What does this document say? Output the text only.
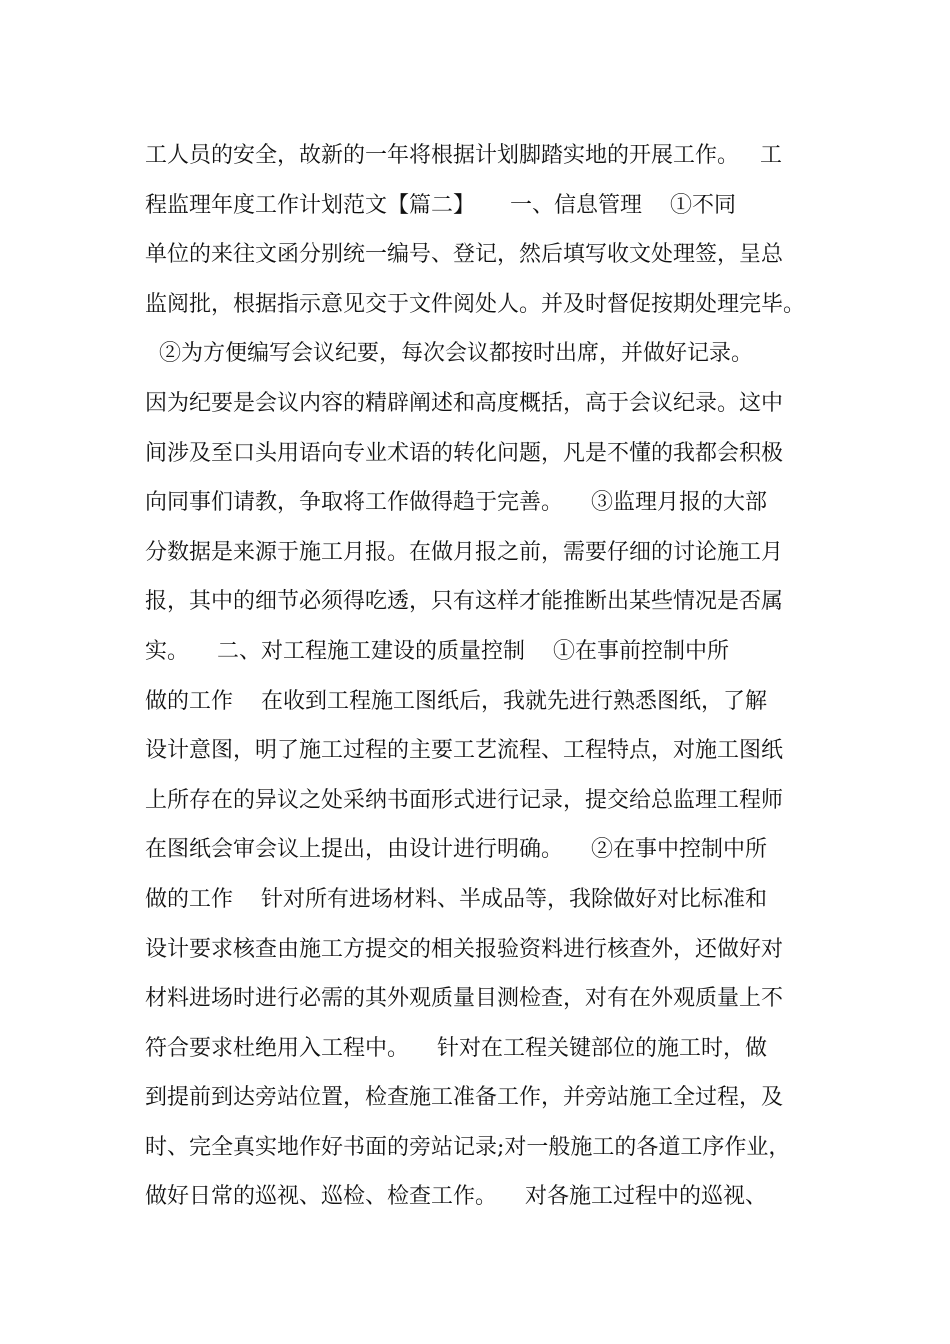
工人员的安全，故新的一年将根据计划脚踏实地的开展工作。   工
程监理年度工作计划范文【篇二】     一、信息管理    ①不同
单位的来往文函分别统一编号、登记，然后填写收文处理签，呈总
监阅批，根据指示意见交于文件阅处人。并及时督促按期处理完毕。
②为方便编写会议纪要，每次会议都按时出席，并做好记录。
因为纪要是会议内容的精辟阐述和高度概括，高于会议纪录。这中
间涉及至口头用语向专业术语的转化问题，凡是不懂的我都会积极
向同事们请教，争取将工作做得趋于完善。    ③监理月报的大部
分数据是来源于施工月报。在做月报之前，需要仔细的讨论施工月
报，其中的细节必须得吃透，只有这样才能推断出某些情况是否属
实。    二、对工程施工建设的质量控制    ①在事前控制中所
做的工作    在收到工程施工图纸后，我就先进行熟悉图纸，了解
设计意图，明了施工过程的主要工艺流程、工程特点，对施工图纸
上所存在的异议之处采纳书面形式进行记录，提交给总监理工程师
在图纸会审会议上提出，由设计进行明确。    ②在事中控制中所
做的工作    针对所有进场材料、半成品等，我除做好对比标准和
设计要求核查由施工方提交的相关报验资料进行核查外，还做好对
材料进场时进行必需的其外观质量目测检查，对有在外观质量上不
符合要求杜绝用入工程中。    针对在工程关键部位的施工时，做
到提前到达旁站位置，检查施工准备工作，并旁站施工全过程，及
时、完全真实地作好书面的旁站记录;对一般施工的各道工序作业，
做好日常的巡视、巡检、检查工作。    对各施工过程中的巡视、
